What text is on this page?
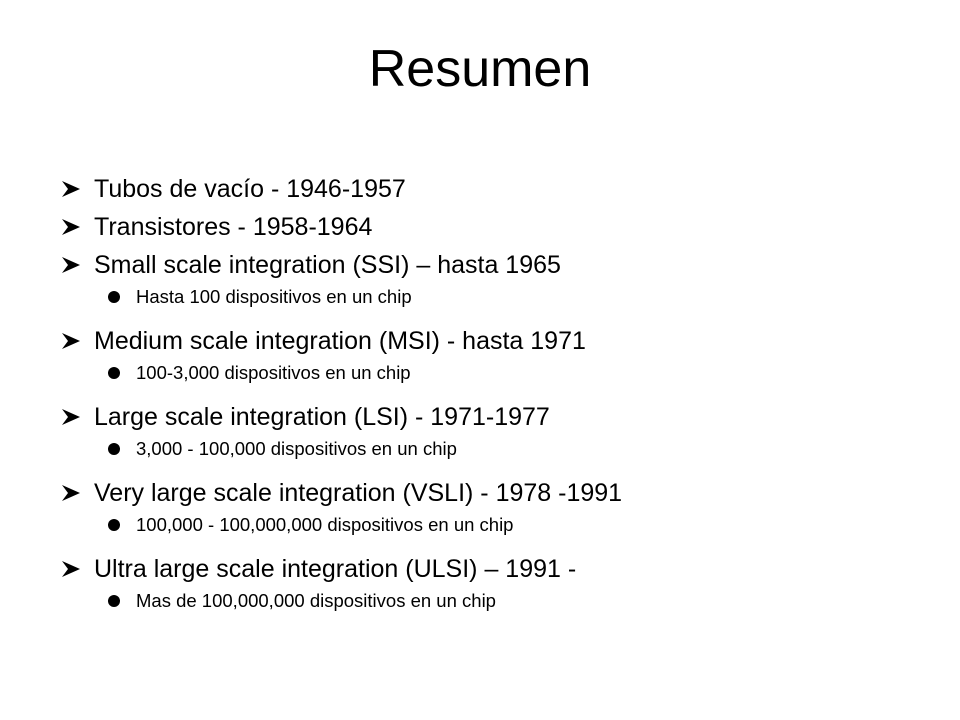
Resumen
Tubos de vacío - 1946-1957
Transistores - 1958-1964
Small scale integration (SSI) – hasta 1965
Hasta 100 dispositivos en un chip
Medium scale integration (MSI) - hasta 1971
100-3,000 dispositivos en un chip
Large scale integration (LSI) - 1971-1977
3,000 - 100,000 dispositivos en un chip
Very large scale integration (VSLI) - 1978 -1991
100,000 - 100,000,000 dispositivos en un chip
Ultra large scale integration (ULSI) – 1991 -
Mas de 100,000,000 dispositivos en un chip
